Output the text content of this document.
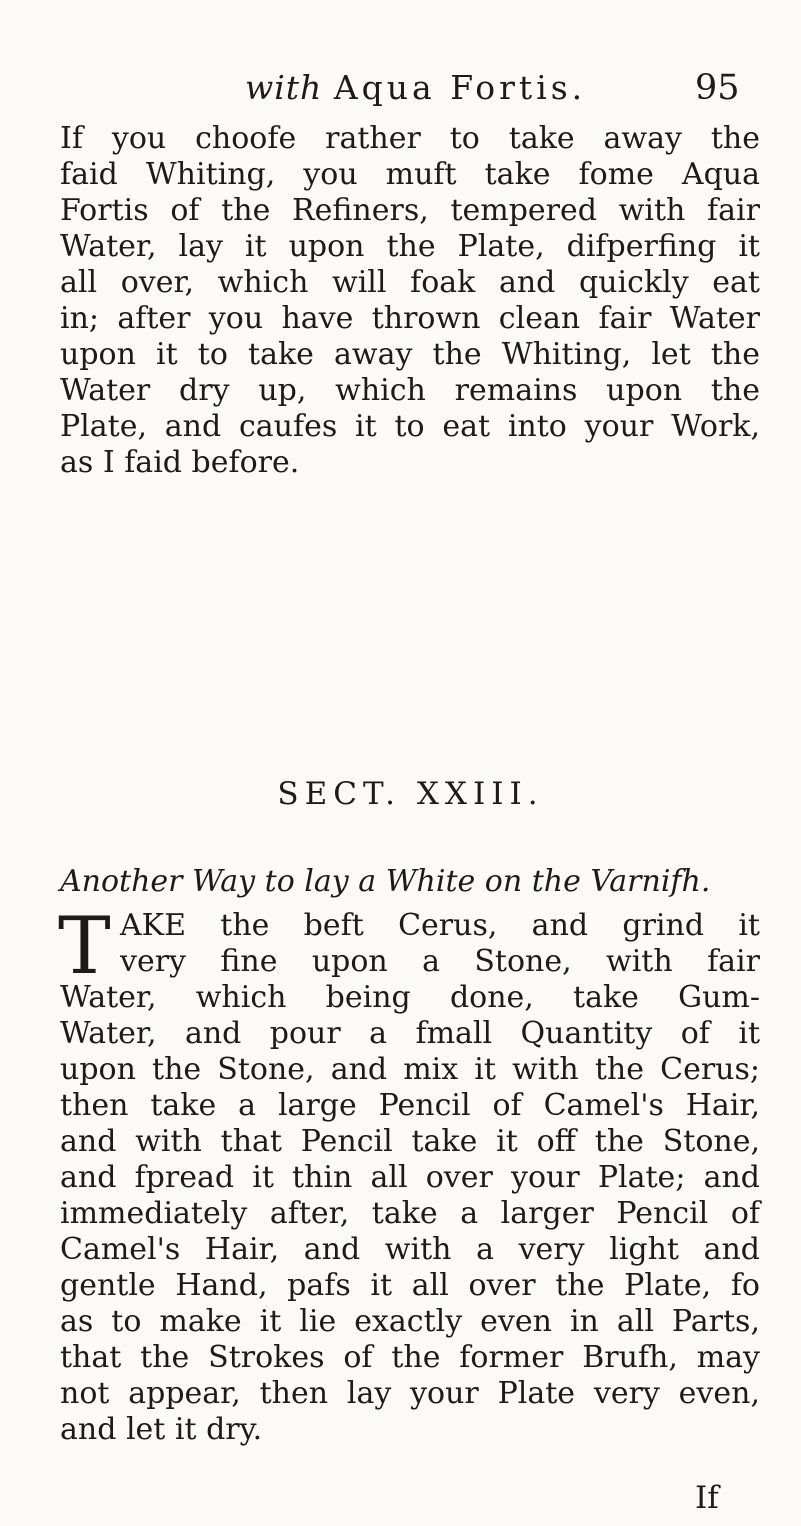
with Aqua Fortis.	95
If you choofe rather to take away the
faid Whiting, you muft take fome Aqua
Fortis of the Refiners, tempered with fair
Water, lay it upon the Plate, difperfing it
all over, which will foak and quickly eat
in; after you have thrown clean fair Water
upon it to take away the Whiting, let the
Water dry up, which remains upon the
Plate, and caufes it to eat into your Work,
as I faid before.
SECT. XXIII.
Another Way to lay a White on the Varnifh.
T AKE the beft Cerus, and grind it
very fine upon a Stone, with fair
Water, which being done, take Gum-
Water, and pour a fmall Quantity of it
upon the Stone, and mix it with the Cerus;
then take a large Pencil of Camel's Hair,
and with that Pencil take it off the Stone,
and fpread it thin all over your Plate; and
immediately after, take a larger Pencil of
Camel's Hair, and with a very light and
gentle Hand, pafs it all over the Plate, fo
as to make it lie exactly even in all Parts,
that the Strokes of the former Brufh, may
not appear, then lay your Plate very even,
and let it dry.
If
